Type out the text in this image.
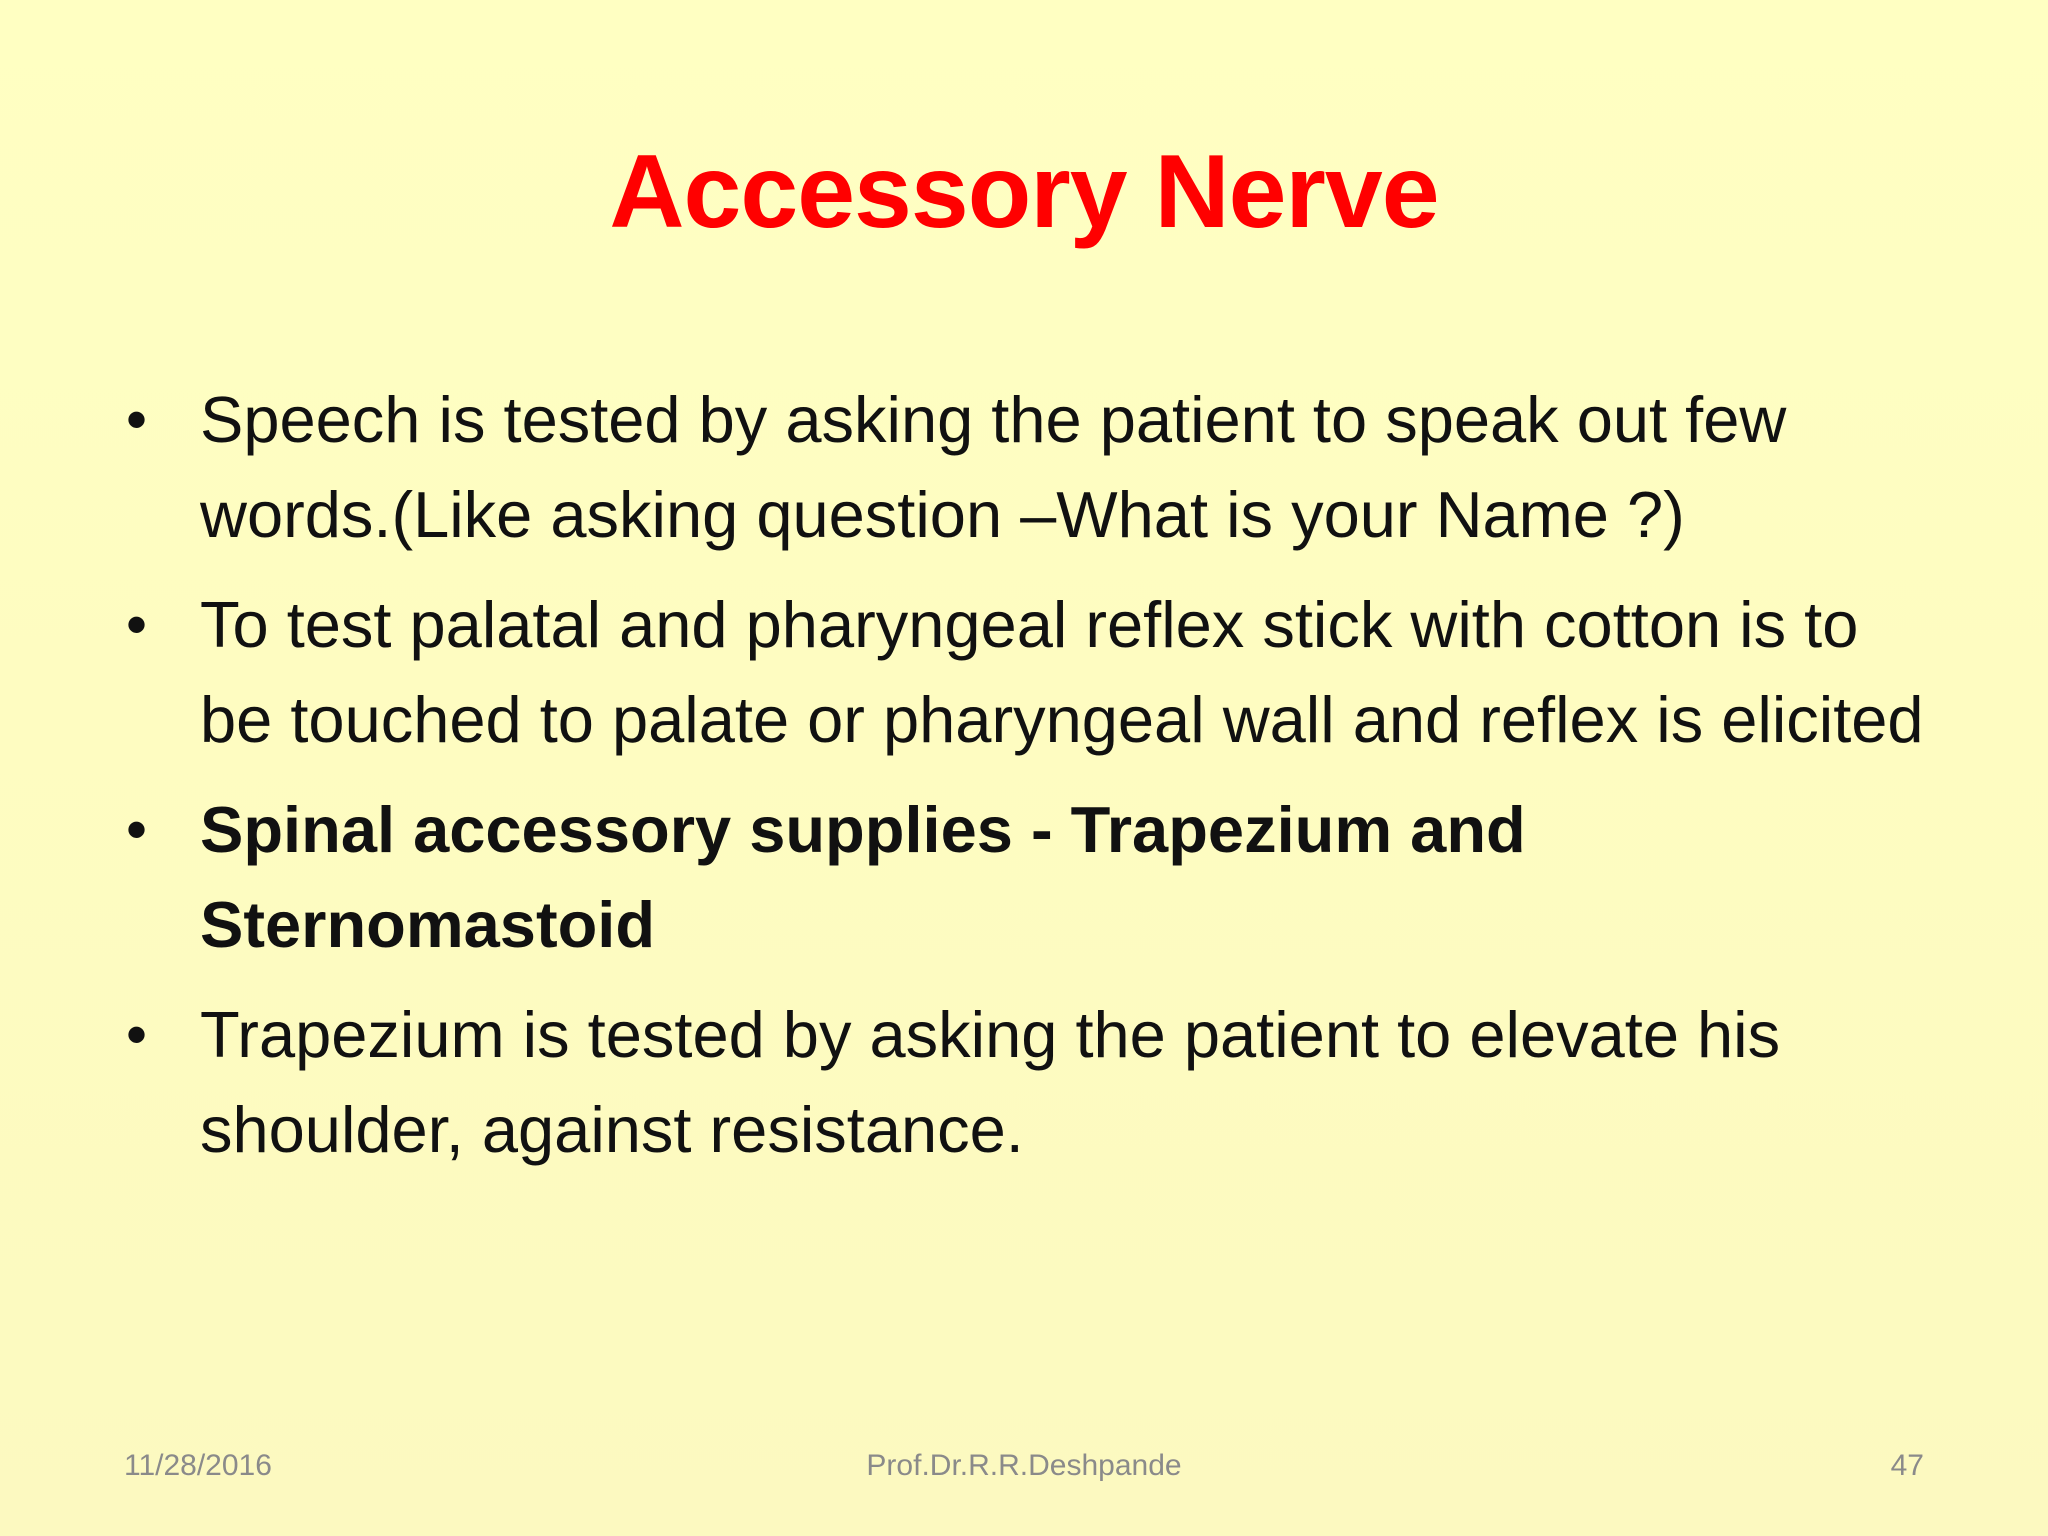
Accessory Nerve
• Speech is tested by asking the patient to speak out few words.(Like asking question –What is your Name ?)
• To test palatal and pharyngeal reflex stick with cotton is to be touched to palate or pharyngeal wall and reflex is elicited
• Spinal accessory supplies - Trapezium and Sternomastoid
• Trapezium is tested by asking the patient to elevate his shoulder, against resistance.
11/28/2016	Prof.Dr.R.R.Deshpande	47
